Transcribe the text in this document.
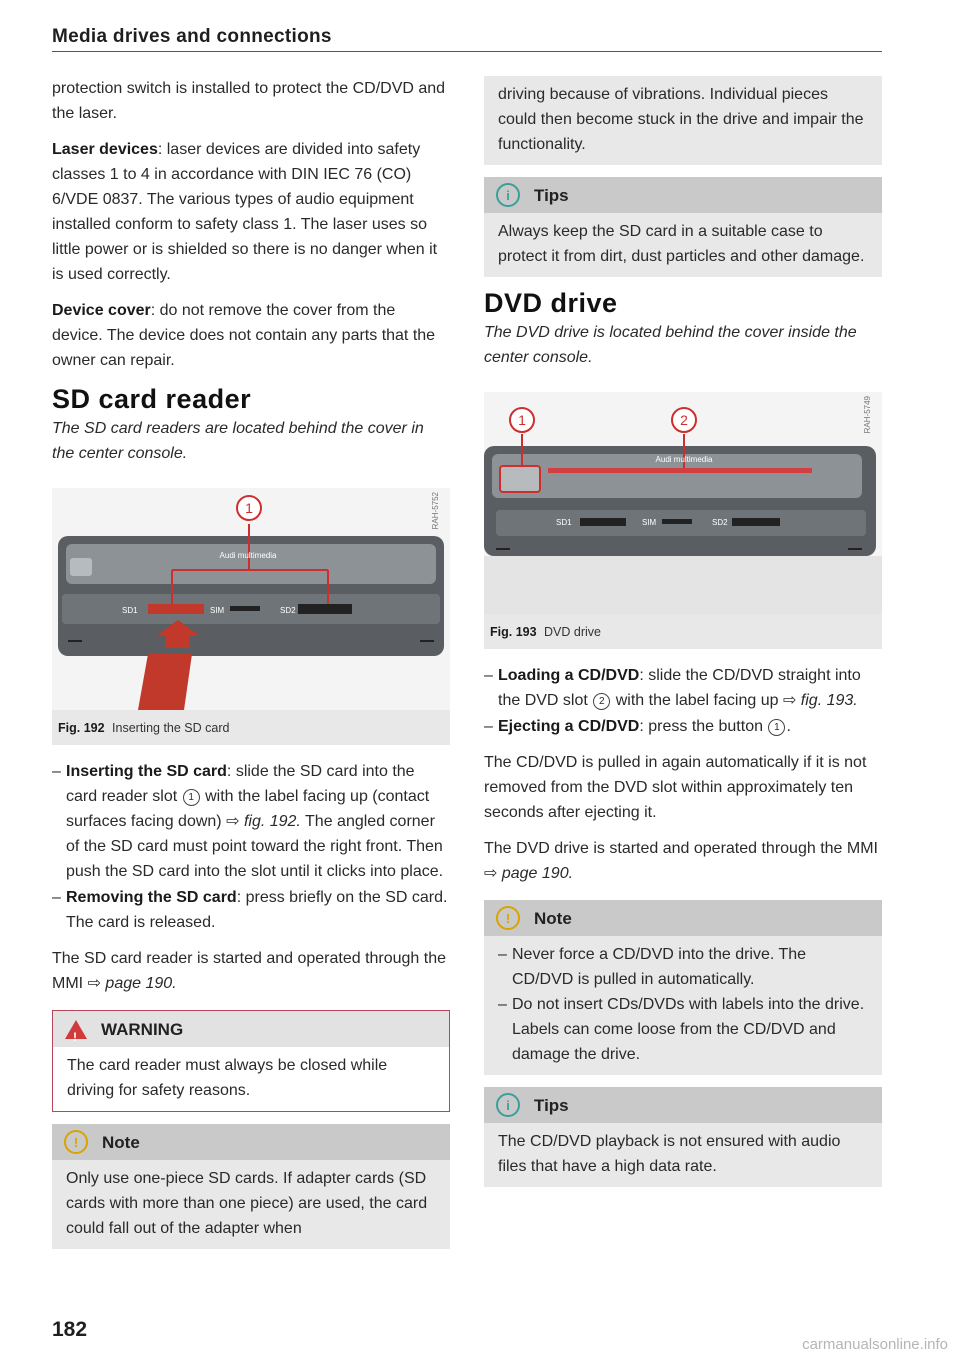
Media drives and connections

protection switch is installed to protect the CD/DVD and the laser.

Laser devices: laser devices are divided into safety classes 1 to 4 in accordance with DIN IEC 76 (CO) 6/VDE 0837. The various types of audio equipment installed conform to safety class 1. The laser uses so little power or is shielded so there is no danger when it is used correctly.

Device cover: do not remove the cover from the device. The device does not contain any parts that the owner can repair.

SD card reader

The SD card readers are located behind the cover in the center console.

1
Audi multimedia
SD1	SIM	SD2
RAH-5752
Fig. 192 Inserting the SD card
– Inserting the SD card: slide the SD card into the card reader slot 1 with the label facing up (contact surfaces facing down) ⇨ fig. 192. The angled corner of the SD card must point toward the right front. Then push the SD card into the slot until it clicks into place.
– Removing the SD card: press briefly on the SD card. The card is released.

The SD card reader is started and operated through the MMI ⇨ page 190.

! WARNING
The card reader must always be closed while driving for safety reasons.
!	Note
Only use one-piece SD cards. If adapter cards (SD cards with more than one piece) are used, the card could fall out of the adapter when
driving because of vibrations. Individual pieces could then become stuck in the drive and impair the functionality.
i	Tips
Always keep the SD card in a suitable case to protect it from dirt, dust particles and other damage.
DVD drive

The DVD drive is located behind the cover inside the center console.

1	2
Audi multimedia
SD1	SIM	SD2
RAH-5749
Fig. 193 DVD drive
– Loading a CD/DVD: slide the CD/DVD straight into the DVD slot 2 with the label facing up ⇨ fig. 193.
– Ejecting a CD/DVD: press the button 1 .

The CD/DVD is pulled in again automatically if it is not removed from the DVD slot within approximately ten seconds after ejecting it.

The DVD drive is started and operated through the MMI ⇨ page 190.

!	Note
– Never force a CD/DVD into the drive. The CD/DVD is pulled in automatically.
– Do not insert CDs/DVDs with labels into the drive. Labels can come loose from the CD/DVD and damage the drive.
i	Tips
The CD/DVD playback is not ensured with audio files that have a high data rate.
182
carmanualsonline.info
